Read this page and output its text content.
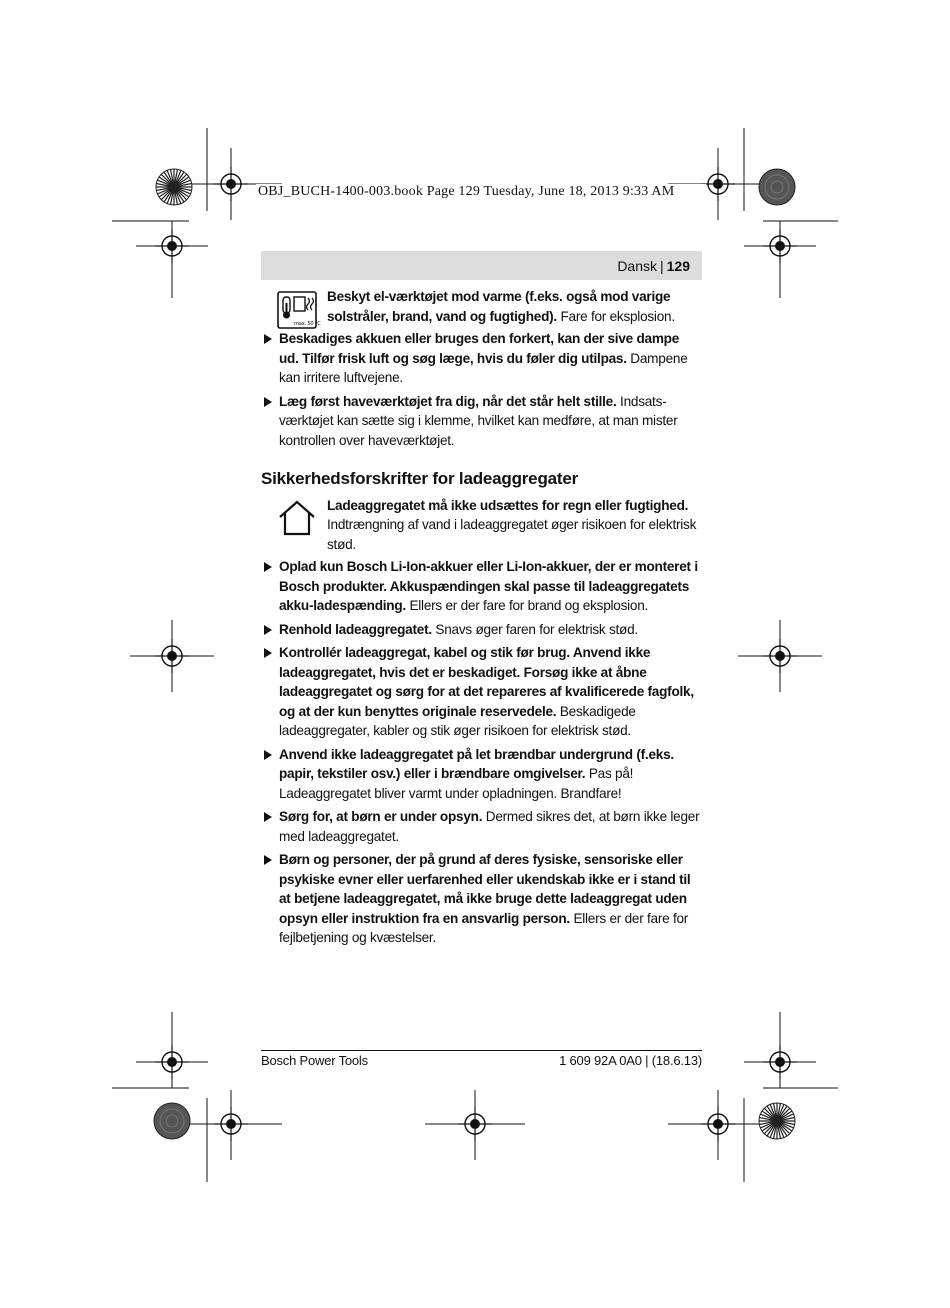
OBJ_BUCH-1400-003.book Page 129 Tuesday, June 18, 2013 9:33 AM
Dansk | 129
max. 50 °C
Beskyt el-værktøjet mod varme (f.eks. også mod varige solstråler, brand, vand og fugtighed). Fare for eksplosion.
Beskadiges akkuen eller bruges den forkert, kan der sive dampe ud. Tilfør frisk luft og søg læge, hvis du føler dig utilpas. Dampene kan irritere luftvejene.
Læg først haveværktøjet fra dig, når det står helt stille. Indsats-værktøjet kan sætte sig i klemme, hvilket kan medføre, at man mister kontrollen over haveværktøjet.
Sikkerhedsforskrifter for ladeaggregater
Ladeaggregatet må ikke udsættes for regn eller fugtighed. Indtrængning af vand i ladeaggregatet øger risikoen for elektrisk stød.
Oplad kun Bosch Li-Ion-akkuer eller Li-Ion-akkuer, der er monteret i Bosch produkter. Akkuspændingen skal passe til ladeaggregatets akku-ladespænding. Ellers er der fare for brand og eksplosion.
Renhold ladeaggregatet. Snavs øger faren for elektrisk stød.
Kontrollér ladeaggregat, kabel og stik før brug. Anvend ikke ladeaggregatet, hvis det er beskadiget. Forsøg ikke at åbne ladeaggregatet og sørg for at det repareres af kvalificerede fagfolk, og at der kun benyttes originale reservedele. Beskadigede ladeaggregater, kabler og stik øger risikoen for elektrisk stød.
Anvend ikke ladeaggregatet på let brændbar undergrund (f.eks. papir, tekstiler osv.) eller i brændbare omgivelser. Pas på! Ladeaggregatet bliver varmt under opladningen. Brandfare!
Sørg for, at børn er under opsyn. Dermed sikres det, at børn ikke leger med ladeaggregatet.
Børn og personer, der på grund af deres fysiske, sensoriske eller psykiske evner eller uerfarenhed eller ukendskab ikke er i stand til at betjene ladeaggregatet, må ikke bruge dette ladeaggregat uden opsyn eller instruktion fra en ansvarlig person. Ellers er der fare for fejlbetjening og kvæstelser.
Bosch Power Tools	1 609 92A 0A0 | (18.6.13)
